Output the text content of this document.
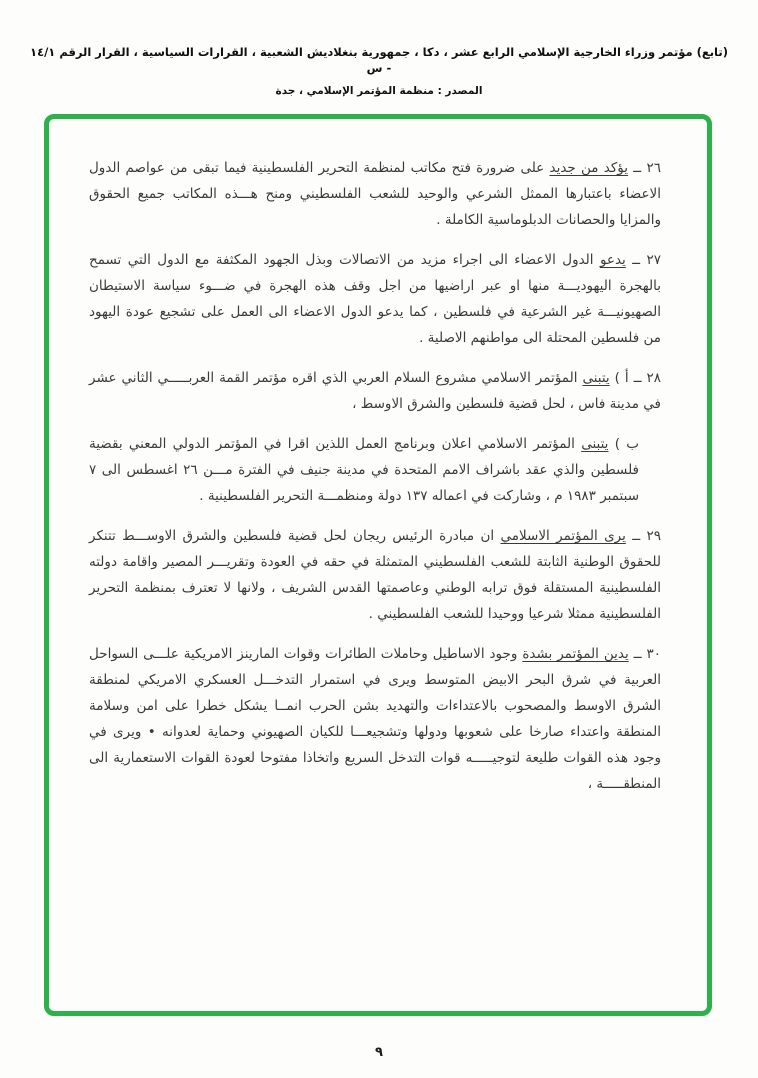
(تابع) مؤتمر وزراء الخارجية الإسلامي الرابع عشر ، دكا ، جمهورية بنغلاديش الشعبية ، القرارات السياسية ، القرار الرقم ١٤/١ - س
المصدر : منظمة المؤتمر الإسلامي ، جدة

٢٦ ــ يؤكد من جديد على ضرورة فتح مكاتب لمنظمة التحرير الفلسطينية فيما تبقى من عواصم الدول الاعضاء باعتبارها الممثل الشرعي والوحيد للشعب الفلسطيني ومنح هـــذه المكاتب جميع الحقوق والمزايا والحصانات الدبلوماسية الكاملة .

٢٧ ــ يدعو الدول الاعضاء الى اجراء مزيد من الاتصالات وبذل الجهود المكثفة مع الدول التي تسمح بالهجرة اليهوديـــة منها او عبر اراضيها من اجل وقف هذه الهجرة في ضـــوء سياسة الاستيطان الصهيونيـــة غير الشرعية في فلسطين ، كما يدعو الدول الاعضاء الى العمل على تشجيع عودة اليهود من فلسطين المحتلة الى مواطنهم الاصلية .

٢٨ ــ أ ) يتبنى المؤتمر الاسلامي مشروع السلام العربي الذي اقره مؤتمر القمة العربـــــي الثاني عشر في مدينة فاس ، لحل قضية فلسطين والشرق الاوسط ،

ب ) يتبنى المؤتمر الاسلامي اعلان وبرنامج العمل اللذين اقرا في المؤتمر الدولي المعني بقضية فلسطين والذي عقد باشراف الامم المتحدة في مدينة جنيف في الفترة مـــن ٢٦ اغسطس الى ٧ سبتمبر ١٩٨٣ م ، وشاركت في اعماله ١٣٧ دولة ومنظمـــة التحرير الفلسطينية .

٢٩ ــ يرى المؤتمر الاسلامي ان مبادرة الرئيس ريجان لحل قضية فلسطين والشرق الاوســـط تتنكر للحقوق الوطنية الثابتة للشعب الفلسطيني المتمثلة في حقه في العودة وتقريـــر المصير واقامة دولته الفلسطينية المستقلة فوق ترابه الوطني وعاصمتها القدس الشريف ، ولانها لا تعترف بمنظمة التحرير الفلسطينية ممثلا شرعيا ووحيدا للشعب الفلسطيني .

٣٠ ــ يدين المؤتمر بشدة وجود الاساطيل وحاملات الطائرات وقوات المارينز الامريكية علـــى السواحل العربية في شرق البحر الابيض المتوسط ويرى في استمرار التدخـــل العسكري الامريكي لمنطقة الشرق الاوسط والمصحوب بالاعتداءات والتهديد بشن الحرب انمــا يشكل خطرا على امن وسلامة المنطقة واعتداء صارخا على شعوبها ودولها وتشجيعـــا للكيان الصهيوني وحماية لعدوانه • ويرى في وجود هذه القوات طليعة لتوجيـــــه قوات التدخل السريع واتخاذا مفتوحا لعودة القوات الاستعمارية الى المنطقـــــة ،

٩
